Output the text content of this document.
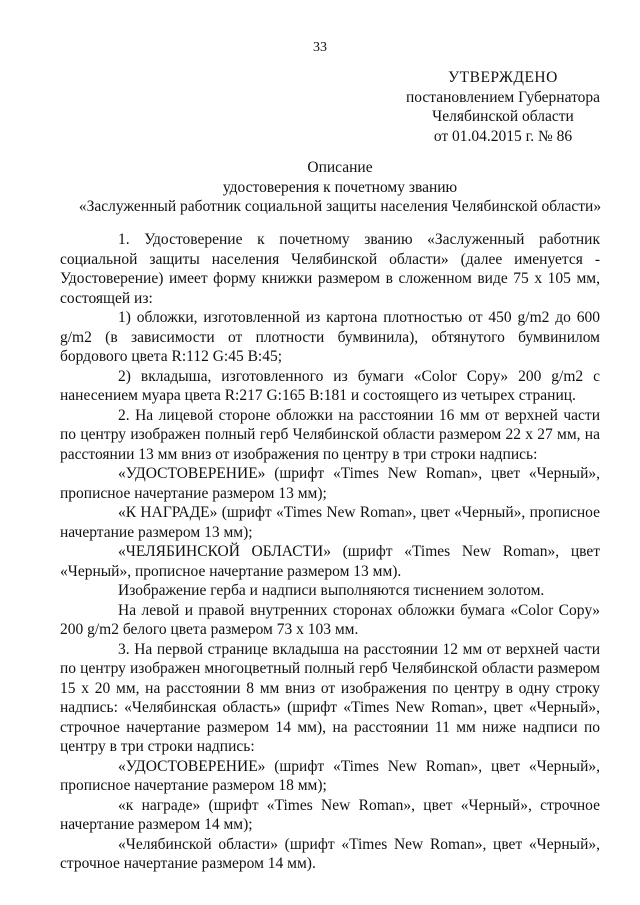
33
УТВЕРЖДЕНО
постановлением Губернатора
Челябинской области
от 01.04.2015 г. № 86
Описание
удостоверения к почетному званию
«Заслуженный работник социальной защиты населения Челябинской области»

1. Удостоверение к почетному званию «Заслуженный работник социальной защиты населения Челябинской области» (далее именуется - Удостоверение) имеет форму книжки размером в сложенном виде 75 х 105 мм, состоящей из:

1) обложки, изготовленной из картона плотностью от 450 g/m2 до 600 g/m2 (в зависимости от плотности бумвинила), обтянутого бумвинилом бордового цвета R:112 G:45 B:45;

2) вкладыша, изготовленного из бумаги «Color Copy» 200 g/m2 с нанесением муара цвета R:217 G:165 B:181 и состоящего из четырех страниц.

2. На лицевой стороне обложки на расстоянии 16 мм от верхней части по центру изображен полный герб Челябинской области размером 22 х 27 мм, на расстоянии 13 мм вниз от изображения по центру в три строки надпись:

«УДОСТОВЕРЕНИЕ» (шрифт «Times New Roman», цвет «Черный», прописное начертание размером 13 мм);

«К НАГРАДЕ» (шрифт «Times New Roman», цвет «Черный», прописное начертание размером 13 мм);

«ЧЕЛЯБИНСКОЙ ОБЛАСТИ» (шрифт «Times New Roman», цвет «Черный», прописное начертание размером 13 мм).

Изображение герба и надписи выполняются тиснением золотом.

На левой и правой внутренних сторонах обложки бумага «Color Copy» 200 g/m2 белого цвета размером 73 х 103 мм.

3. На первой странице вкладыша на расстоянии 12 мм от верхней части по центру изображен многоцветный полный герб Челябинской области размером 15 х 20 мм, на расстоянии 8 мм вниз от изображения по центру в одну строку надпись: «Челябинская область» (шрифт «Times New Roman», цвет «Черный», строчное начертание размером 14 мм), на расстоянии 11 мм ниже надписи по центру в три строки надпись:

«УДОСТОВЕРЕНИЕ» (шрифт «Times New Roman», цвет «Черный», прописное начертание размером 18 мм);

«к награде» (шрифт «Times New Roman», цвет «Черный», строчное начертание размером 14 мм);

«Челябинской области» (шрифт «Times New Roman», цвет «Черный», строчное начертание размером 14 мм).
